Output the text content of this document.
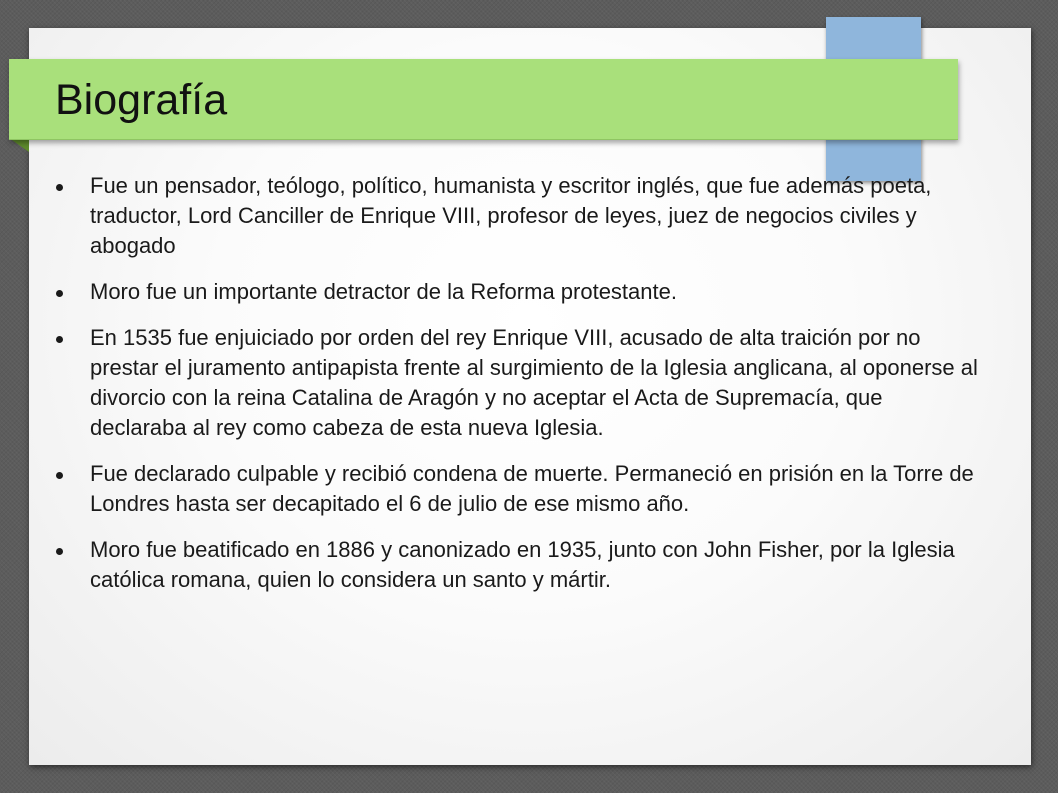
Biografía
Fue un pensador, teólogo, político, humanista y escritor inglés, que fue además poeta, traductor, Lord Canciller de Enrique VIII, profesor de leyes, juez de negocios civiles y abogado
Moro fue un importante detractor de la Reforma protestante.
En 1535 fue enjuiciado por orden del rey Enrique VIII, acusado de alta traición por no prestar el juramento antipapista frente al surgimiento de la Iglesia anglicana, al oponerse al divorcio con la reina Catalina de Aragón y no aceptar el Acta de Supremacía, que declaraba al rey como cabeza de esta nueva Iglesia.
Fue declarado culpable y recibió condena de muerte. Permaneció en prisión en la Torre de Londres hasta ser decapitado el 6 de julio de ese mismo año.
Moro fue beatificado en 1886 y canonizado en 1935, junto con John Fisher, por la Iglesia católica romana, quien lo considera un santo y mártir.
